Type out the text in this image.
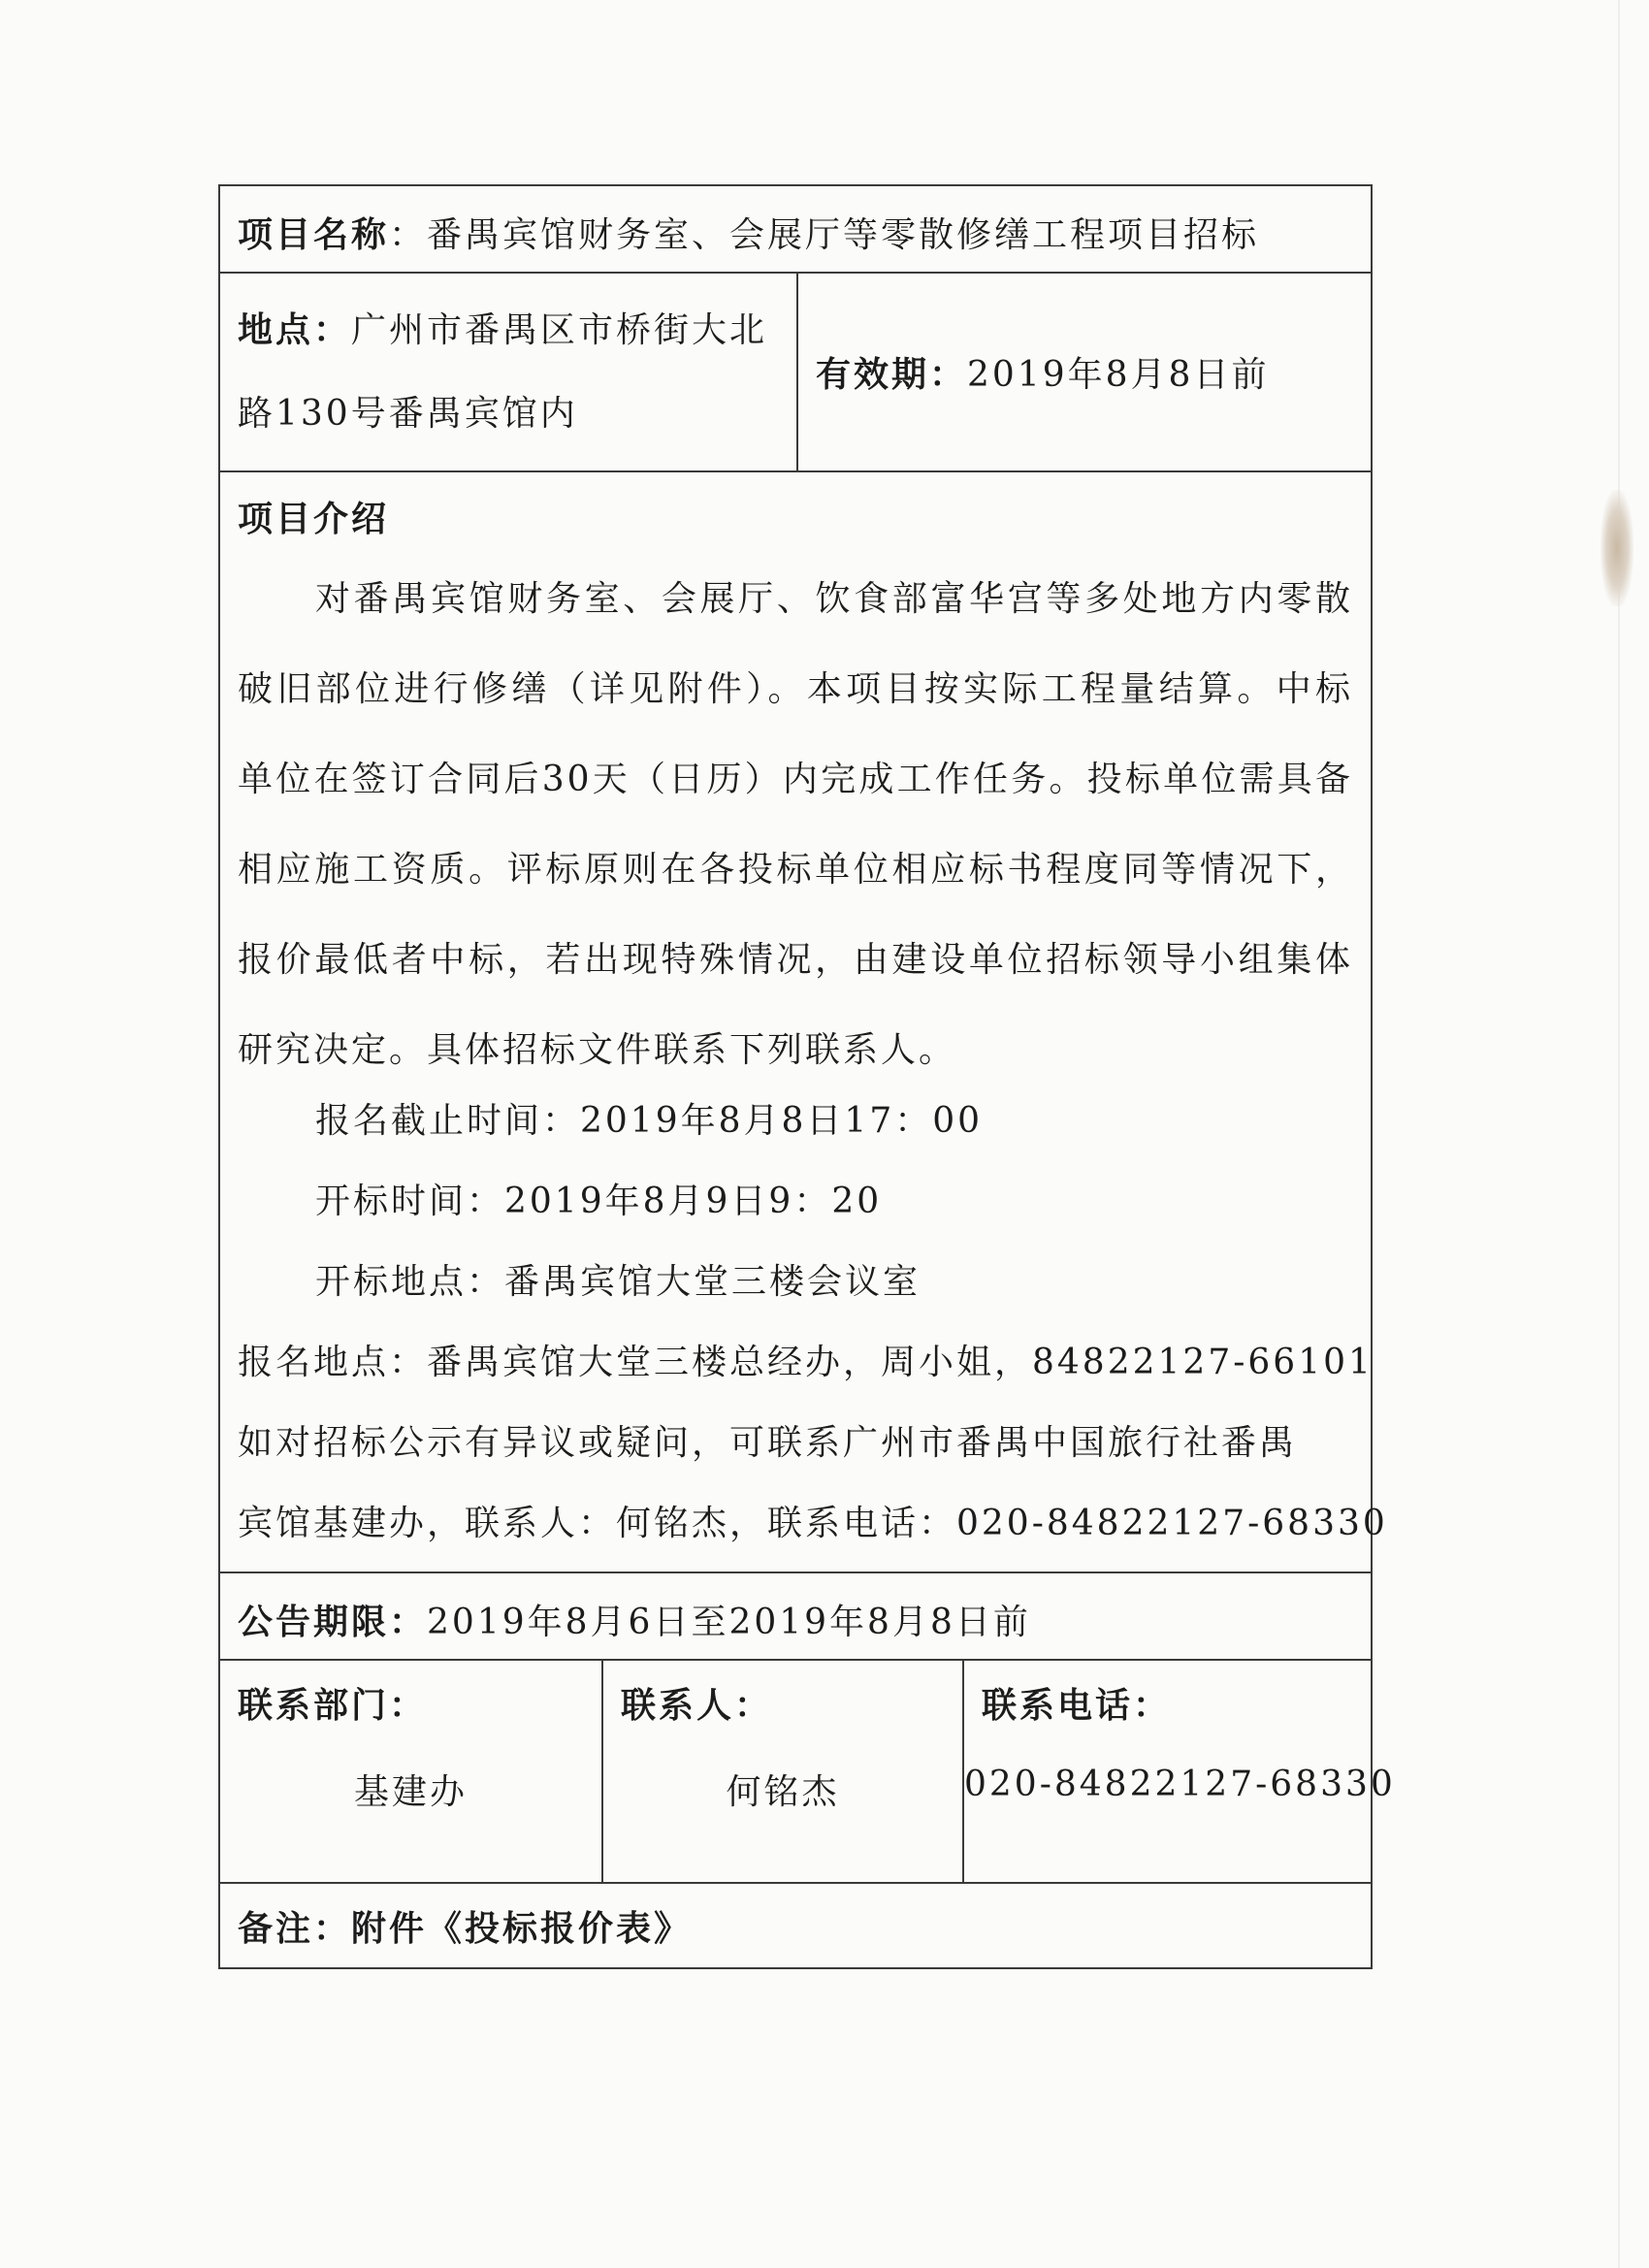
项目名称：番禺宾馆财务室、会展厅等零散修缮工程项目招标
地点：广州市番禺区市桥街大北路130号番禺宾馆内
有效期： 2019年8月8日前
项目介绍
对番禺宾馆财务室、会展厅、饮食部富华宫等多处地方内零散破旧部位进行修缮（详见附件）。本项目按实际工程量结算。中标单位在签订合同后30天（日历）内完成工作任务。投标单位需具备相应施工资质。评标原则在各投标单位相应标书程度同等情况下，报价最低者中标，若出现特殊情况，由建设单位招标领导小组集体研究决定。具体招标文件联系下列联系人。
报名截止时间：2019年8月8日17：00
开标时间：2019年8月9日9：20
开标地点：番禺宾馆大堂三楼会议室
报名地点：番禺宾馆大堂三楼总经办，周小姐，84822127-66101
如对招标公示有异议或疑问，可联系广州市番禺中国旅行社番禺
宾馆基建办，联系人：何铭杰，联系电话：020-84822127-68330
公告期限：2019年8月6日至2019年8月8日前
联系部门：
基建办
联系人：
何铭杰
联系电话：
020-84822127-68330
备注：附件《投标报价表》
